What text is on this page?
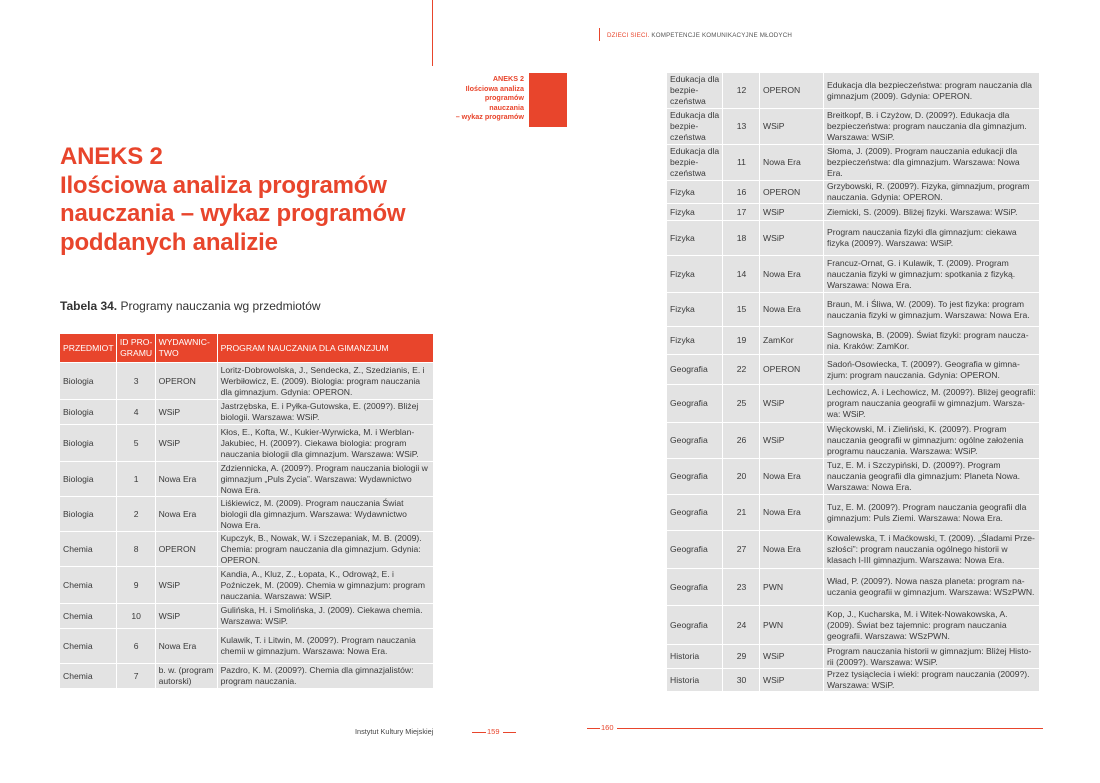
DZIECI SIECI. KOMPETENCJE KOMUNIKACYJNE MŁODYCH
ANEKS 2
Ilościowa analiza
programów
nauczania
– wykaz programów
ANEKS 2
Ilościowa analiza programów
nauczania – wykaz programów
poddanych analizie
Tabela 34. Programy nauczania wg przedmiotów
PRZEDMIOT	ID PRO-GRAMU	WYDAWNIC-TWO	PROGRAM NAUCZANIA DLA GIMANZJUM
Biologia	3	OPERON	Loritz-Dobrowolska, J., Sendecka, Z., Szedzianis, E. i Werbiłowicz, E. (2009). Biologia: program nauczania dla gimnazjum. Gdynia: OPERON.
Biologia	4	WSiP	Jastrzębska, E. i Pyłka-Gutowska, E. (2009?). Bliżej biologii. Warszawa: WSiP.
Biologia	5	WSiP	Kłos, E., Kofta, W., Kukier-Wyrwicka, M. i Werblan-Jakubiec, H. (2009?). Ciekawa biologia: program nauczania biologii dla gimnazjum. Warszawa: WSiP.
Biologia	1	Nowa Era	Zdziennicka, A. (2009?). Program nauczania biologii w gimnazjum „Puls Życia”. Warszawa: Wydawnictwo Nowa Era.
Biologia	2	Nowa Era	Liśkiewicz, M. (2009). Program nauczania Świat biologii dla gimnazjum. Warszawa: Wydawnictwo Nowa Era.
Chemia	8	OPERON	Kupczyk, B., Nowak, W. i Szczepaniak, M. B. (2009). Chemia: program nauczania dla gimnazjum. Gdynia: OPERON.
Chemia	9	WSiP	Kandia, A., Kluz, Z., Łopata, K., Odrowąż, E. i Poźniczek, M. (2009). Chemia w gimnazjum: program nauczania. Warszawa: WSiP.
Chemia	10	WSiP	Gulińska, H. i Smolińska, J. (2009). Ciekawa chemia. Warszawa: WSiP.
Chemia	6	Nowa Era	Kulawik, T. i Litwin, M. (2009?). Program nauczania chemii w gimnazjum. Warszawa: Nowa Era.
Chemia	7	b. w. (program autorski)	Pazdro, K. M. (2009?). Chemia dla gimnazjalistów: program nauczania.
Edukacja dla bezpie-czeństwa	12	OPERON	Edukacja dla bezpieczeństwa: program nauczania dla gimnazjum (2009). Gdynia: OPERON.
Edukacja dla bezpie-czeństwa	13	WSiP	Breitkopf, B. i Czyżow, D. (2009?). Edukacja dla bezpieczeństwa: program nauczania dla gimnazjum. Warszawa: WSiP.
Edukacja dla bezpie-czeństwa	11	Nowa Era	Słoma, J. (2009). Program nauczania edukacji dla bezpieczeństwa: dla gimnazjum. Warszawa: Nowa Era.
Fizyka	16	OPERON	Grzybowski, R. (2009?). Fizyka, gimnazjum, program nauczania. Gdynia: OPERON.
Fizyka	17	WSiP	Ziemicki, S. (2009). Bliżej fizyki. Warszawa: WSiP.
Fizyka	18	WSiP	Program nauczania fizyki dla gimnazjum: ciekawa fizyka (2009?). Warszawa: WSiP.
Fizyka	14	Nowa Era	Francuz-Ornat, G. i Kulawik, T. (2009). Program nauczania fizyki w gimnazjum: spotkania z fizyką. Warszawa: Nowa Era.
Fizyka	15	Nowa Era	Braun, M. i Śliwa, W. (2009). To jest fizyka: program nauczania fizyki w gimnazjum. Warszawa: Nowa Era.
Fizyka	19	ZamKor	Sagnowska, B. (2009). Świat fizyki: program naucza-nia. Kraków: ZamKor.
Geografia	22	OPERON	Sadoń-Osowiecka, T. (2009?). Geografia w gimna-zjum: program nauczania. Gdynia: OPERON.
Geografia	25	WSiP	Lechowicz, A. i Lechowicz, M. (2009?). Bliżej geografii: program nauczania geografii w gimnazjum. Warsza-wa: WSiP.
Geografia	26	WSiP	Więckowski, M. i Zieliński, K. (2009?). Program nauczania geografii w gimnazjum: ogólne założenia programu nauczania. Warszawa: WSiP.
Geografia	20	Nowa Era	Tuz, E. M. i Szczypiński, D. (2009?). Program nauczania geografii dla gimnazjum: Planeta Nowa. Warszawa: Nowa Era.
Geografia	21	Nowa Era	Tuz, E. M. (2009?). Program nauczania geografii dla gimnazjum: Puls Ziemi. Warszawa: Nowa Era.
Geografia	27	Nowa Era	Kowalewska, T. i Maćkowski, T. (2009). „Śladami Prze-szłości”: program nauczania ogólnego historii w klasach I-III gimnazjum. Warszawa: Nowa Era.
Geografia	23	PWN	Wład, P. (2009?). Nowa nasza planeta: program na-uczania geografii w gimnazjum. Warszawa: WSzPWN.
Geografia	24	PWN	Kop, J., Kucharska, M. i Witek-Nowakowska, A. (2009). Świat bez tajemnic: program nauczania geografii. Warszawa: WSzPWN.
Historia	29	WSiP	Program nauczania historii w gimnazjum: Bliżej Histo-rii (2009?). Warszawa: WSiP.
Historia	30	WSiP	Przez tysiąclecia i wieki: program nauczania (2009?). Warszawa: WSiP.
Instytut Kultury Miejskiej	159	160
